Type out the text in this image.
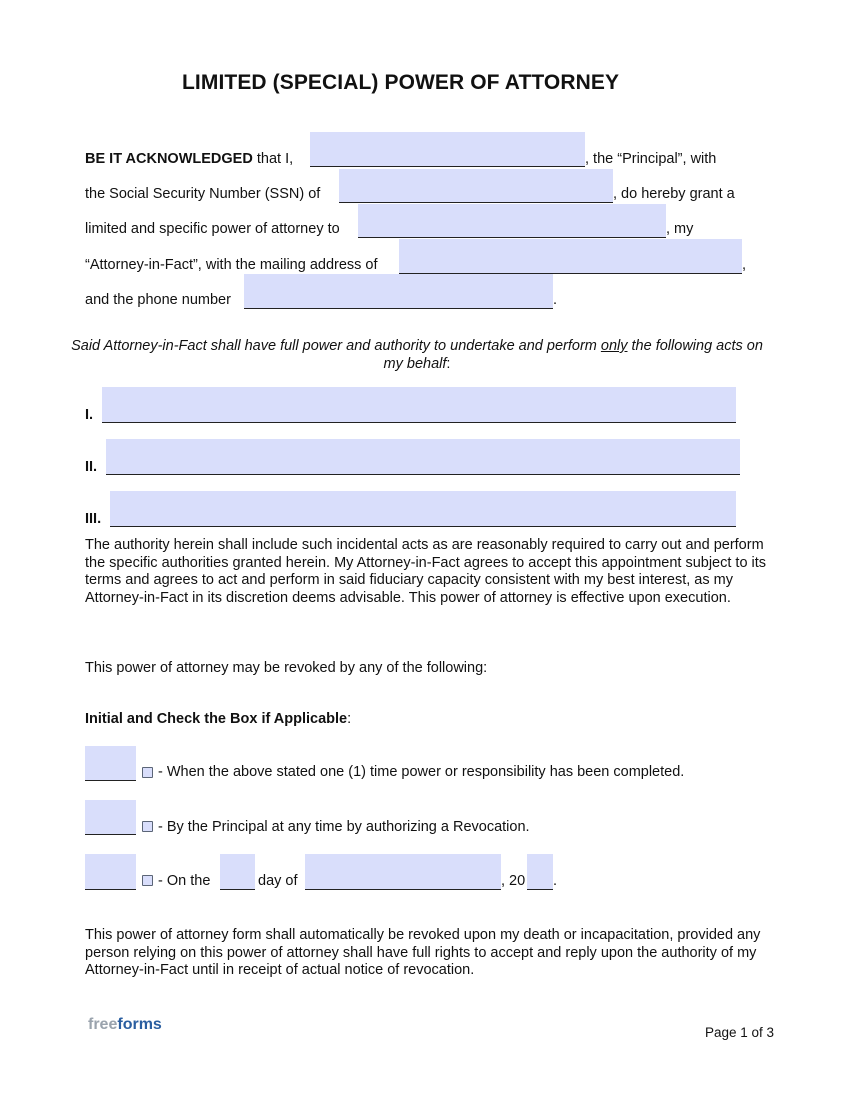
LIMITED (SPECIAL) POWER OF ATTORNEY
BE IT ACKNOWLEDGED that I,	, the “Principal”, with
the Social Security Number (SSN) of	, do hereby grant a
limited and specific power of attorney to	, my
“Attorney-in-Fact”, with the mailing address of	,
and the phone number	.
Said Attorney-in-Fact shall have full power and authority to undertake and perform only the following acts on my behalf:
I.
II.
III.
The authority herein shall include such incidental acts as are reasonably required to carry out and perform the specific authorities granted herein. My Attorney-in-Fact agrees to accept this appointment subject to its terms and agrees to act and perform in said fiduciary capacity consistent with my best interest, as my Attorney-in-Fact in its discretion deems advisable. This power of attorney is effective upon execution.
This power of attorney may be revoked by any of the following:
Initial and Check the Box if Applicable:
- When the above stated one (1) time power or responsibility has been completed.
- By the Principal at any time by authorizing a Revocation.
- On the	day of	, 20 .
This power of attorney form shall automatically be revoked upon my death or incapacitation, provided any person relying on this power of attorney shall have full rights to accept and reply upon the authority of my Attorney-in-Fact until in receipt of actual notice of revocation.
freeforms	Page 1 of 3
